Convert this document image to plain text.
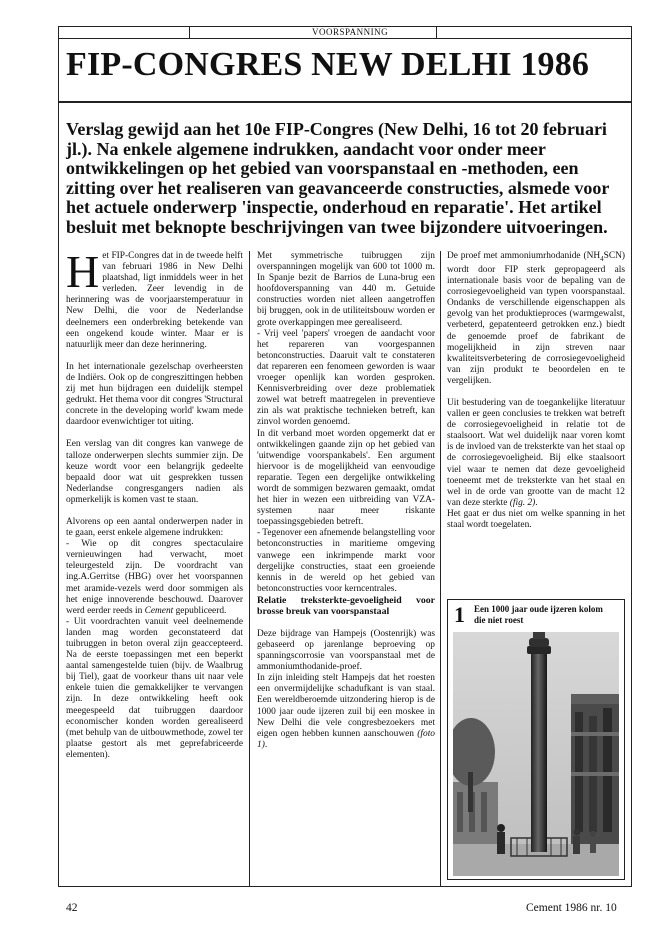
VOORSPANNING
FIP-CONGRES NEW DELHI 1986
Verslag gewijd aan het 10e FIP-Congres (New Delhi, 16 tot 20 februari jl.). Na enkele algemene indrukken, aandacht voor onder meer ontwikkelingen op het gebied van voorspanstaal en -methoden, een zitting over het realiseren van geavanceerde constructies, alsmede voor het actuele onderwerp 'inspectie, onderhoud en reparatie'. Het artikel besluit met beknopte beschrijvingen van twee bijzondere uitvoeringen.

Het FIP-Congres dat in de tweede helft van februari 1986 in New Delhi plaatshad, ligt inmiddels weer in het verleden. Zeer levendig in de herinnering was de voorjaarstemperatuur in New Delhi, die voor de Nederlandse deelnemers een onderbreking betekende van een ongekend koude winter. Maar er is natuurlijk meer dan deze herinnering.

In het internationale gezelschap overheersten de Indiërs. Ook op de congreszittingen hebben zij met hun bijdragen een duidelijk stempel gedrukt. Het thema voor dit congres 'Structural concrete in the developing world' kwam mede daardoor evenwichtiger tot uiting.

Een verslag van dit congres kan vanwege de talloze onderwerpen slechts summier zijn. De keuze wordt voor een belangrijk gedeelte bepaald door wat uit gesprekken tussen Nederlandse congresgangers nadien als opmerkelijk is komen vast te staan.

Alvorens op een aantal onderwerpen nader in te gaan, eerst enkele algemene indrukken:

- Wie op dit congres spectaculaire vernieuwingen had verwacht, moet teleurgesteld zijn. De voordracht van ing.A.Gerritse (HBG) over het voorspannen met aramide-vezels werd door sommigen als het enige innoverende beschouwd. Daarover werd eerder reeds in Cement gepubliceerd.

- Uit voordrachten vanuit veel deelnemende landen mag worden geconstateerd dat tuibruggen in beton overal zijn geaccepteerd. Na de eerste toepassingen met een beperkt aantal samengestelde tuien (bijv. de Waalbrug bij Tiel), gaat de voorkeur thans uit naar vele enkele tuien die gemakkelijker te vervangen zijn. In deze ontwikkeling heeft ook meegespeeld dat tuibruggen daardoor economischer konden worden gerealiseerd (met behulp van de uitbouwmethode, zowel ter plaatse gestort als met geprefabriceerde elementen).

Met symmetrische tuibruggen zijn overspanningen mogelijk van 600 tot 1000 m. In Spanje bezit de Barrios de Luna-brug een hoofdoverspanning van 440 m. Getuide constructies worden niet alleen aangetroffen bij bruggen, ook in de utiliteitsbouw worden er grote overkappingen mee gerealiseerd.

- Vrij veel 'papers' vroegen de aandacht voor het repareren van voorgespannen betonconstructies. Daaruit valt te constateren dat repareren een fenomeen geworden is waar vroeger openlijk kan worden gesproken. Kennisverbreiding over deze problematiek zowel wat betreft maatregelen in preventieve zin als wat praktische technieken betreft, kan zinvol worden genoemd.

In dit verband moet worden opgemerkt dat er ontwikkelingen gaande zijn op het gebied van 'uitwendige voorspankabels'. Een argument hiervoor is de mogelijkheid van eenvoudige reparatie. Tegen een dergelijke ontwikkeling wordt de sommigen bezwaren gemaakt, omdat het hier in wezen een uitbreiding van VZA-systemen naar meer riskante toepassingsgebieden betreft.

- Tegenover een afnemende belangstelling voor betonconstructies in maritieme omgeving vanwege een inkrimpende markt voor dergelijke constructies, staat een groeiende kennis in de wereld op het gebied van betonconstructies voor kerncentrales.

Relatie treksterkte-gevoeligheid voor brosse breuk van voorspanstaal

Deze bijdrage van Hampejs (Oostenrijk) was gebaseerd op jarenlange beproeving op spanningscorrosie van voorspanstaal met de ammoniumthodanide-proef.

In zijn inleiding stelt Hampejs dat het roesten een onvermijdelijke schadufkant is van staal. Een wereldberoemde uitzondering hierop is de 1000 jaar oude ijzeren zuil bij een moskee in New Delhi die vele congresbezoekers met eigen ogen hebben kunnen aanschouwen (foto 1).

De proef met ammoniumrhodanide $(NH_4SCN)$ wordt door FIP sterk gepropageerd als internationale basis voor de bepaling van de corrosiegevoeligheid van typen voorspanstaal. Ondanks de verschillende eigenschappen als gevolg van het produktieproces (warmgewalst, verbeterd, gepatenteerd getrokken enz.) biedt de genoemde proef de fabrikant de mogelijkheid in zijn streven naar kwaliteitsverbetering de corrosiegevoeligheid van zijn produkt te beoordelen en te vergelijken.

Uit bestudering van de toegankelijke literatuur vallen er geen conclusies te trekken wat betreft de corrosiegevoeligheid in relatie tot de staalsoort. Wat wel duidelijk naar voren komt is de invloed van de treksterkte van het staal op de corrosiegevoeligheid. Bij elke staalsoort viel waar te nemen dat deze gevoeligheid toeneemt met de treksterkte van het staal en wel in de orde van grootte van de macht 12 van deze sterkte (fig. 2).

Het gaat er dus niet om welke spanning in het staal wordt toegelaten.

1 Een 1000 jaar oude ijzeren kolom die niet roest
42	Cement 1986 nr. 10
